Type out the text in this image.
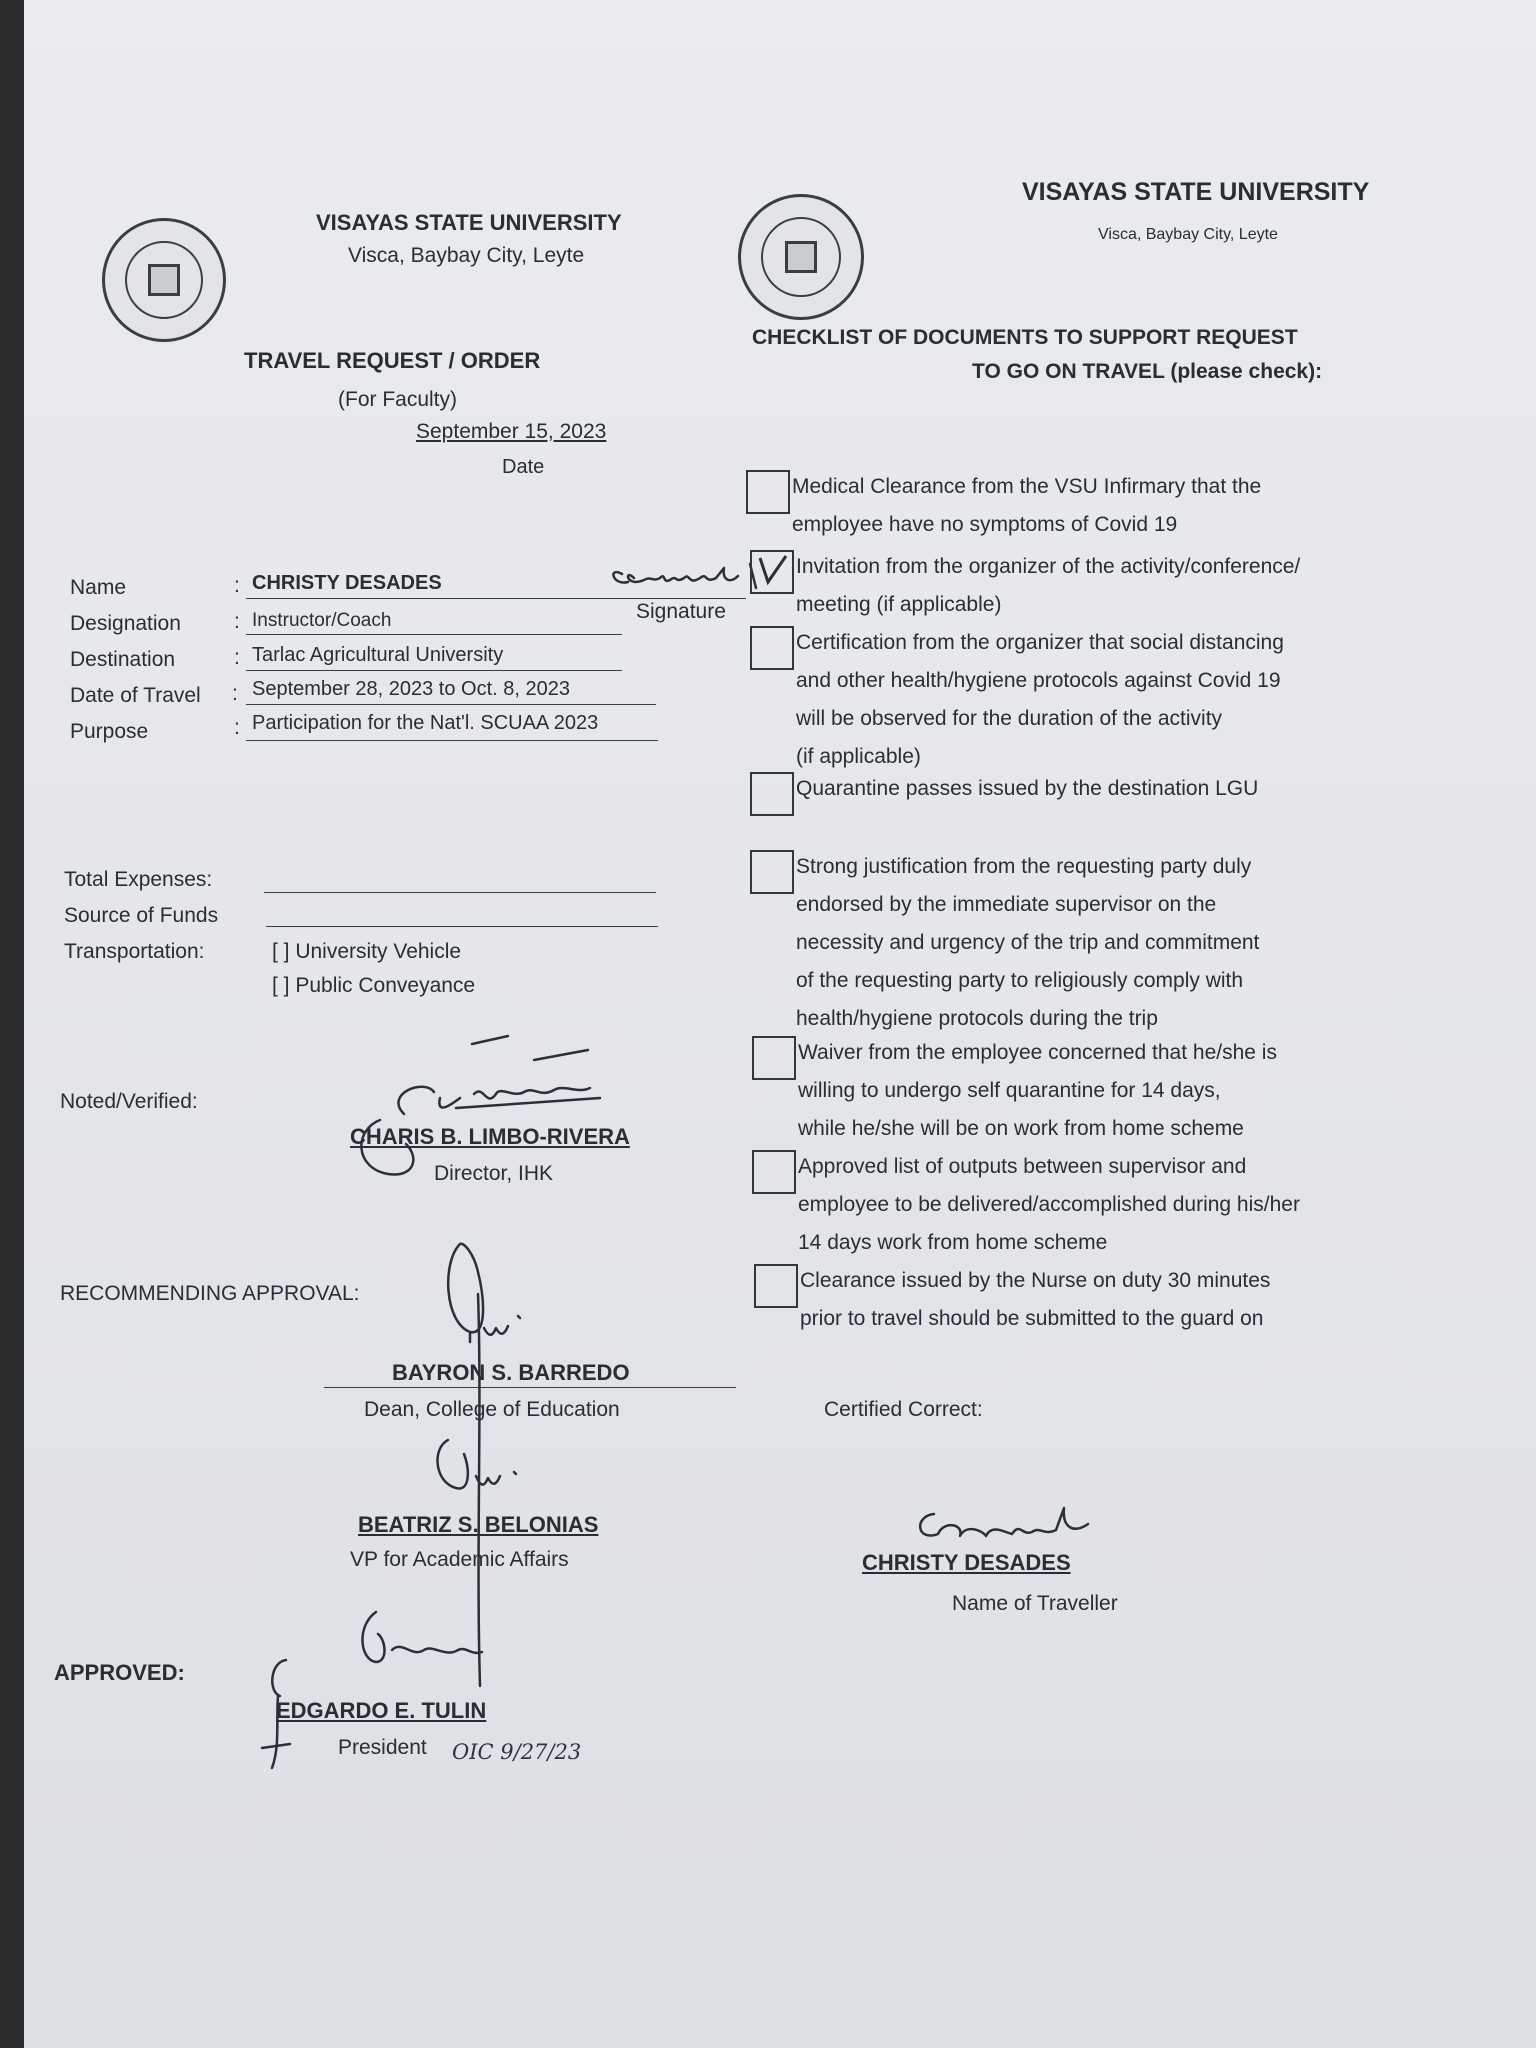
VISAYAS STATE UNIVERSITY
Visca, Baybay City, Leyte
TRAVEL REQUEST / ORDER
(For Faculty)
September 15, 2023
Date
Name	: CHRISTY DESADES
Signature
Designation	: Instructor/Coach
Destination	: Tarlac Agricultural University
Date of Travel : September 28, 2023 to Oct. 8, 2023
Purpose	: Participation for the Nat'l. SCUAA 2023
Total Expenses:
Source of Funds
Transportation:	[ ] University Vehicle
[ ] Public Conveyance
Noted/Verified:
CHARIS B. LIMBO-RIVERA
Director, IHK
RECOMMENDING APPROVAL:
BAYRON S. BARREDO
Dean, College of Education
BEATRIZ S. BELONIAS
VP for Academic Affairs
APPROVED:
EDGARDO E. TULIN
President OIC 9/27/23
VISAYAS STATE UNIVERSITY
Visca, Baybay City, Leyte
CHECKLIST OF DOCUMENTS TO SUPPORT REQUEST
TO GO ON TRAVEL (please check):
Medical Clearance from the VSU Infirmary that the
employee have no symptoms of Covid 19
Invitation from the organizer of the activity/conference/
meeting (if applicable)
Certification from the organizer that social distancing
and other health/hygiene protocols against Covid 19
will be observed for the duration of the activity
(if applicable)
Quarantine passes issued by the destination LGU
Strong justification from the requesting party duly
endorsed by the immediate supervisor on the
necessity and urgency of the trip and commitment
of the requesting party to religiously comply with
health/hygiene protocols during the trip
Waiver from the employee concerned that he/she is
willing to undergo self quarantine for 14 days,
while he/she will be on work from home scheme
Approved list of outputs between supervisor and
employee to be delivered/accomplished during his/her
14 days work from home scheme
Clearance issued by the Nurse on duty 30 minutes
prior to travel should be submitted to the guard on
Certified Correct:
CHRISTY DESADES
Name of Traveller
